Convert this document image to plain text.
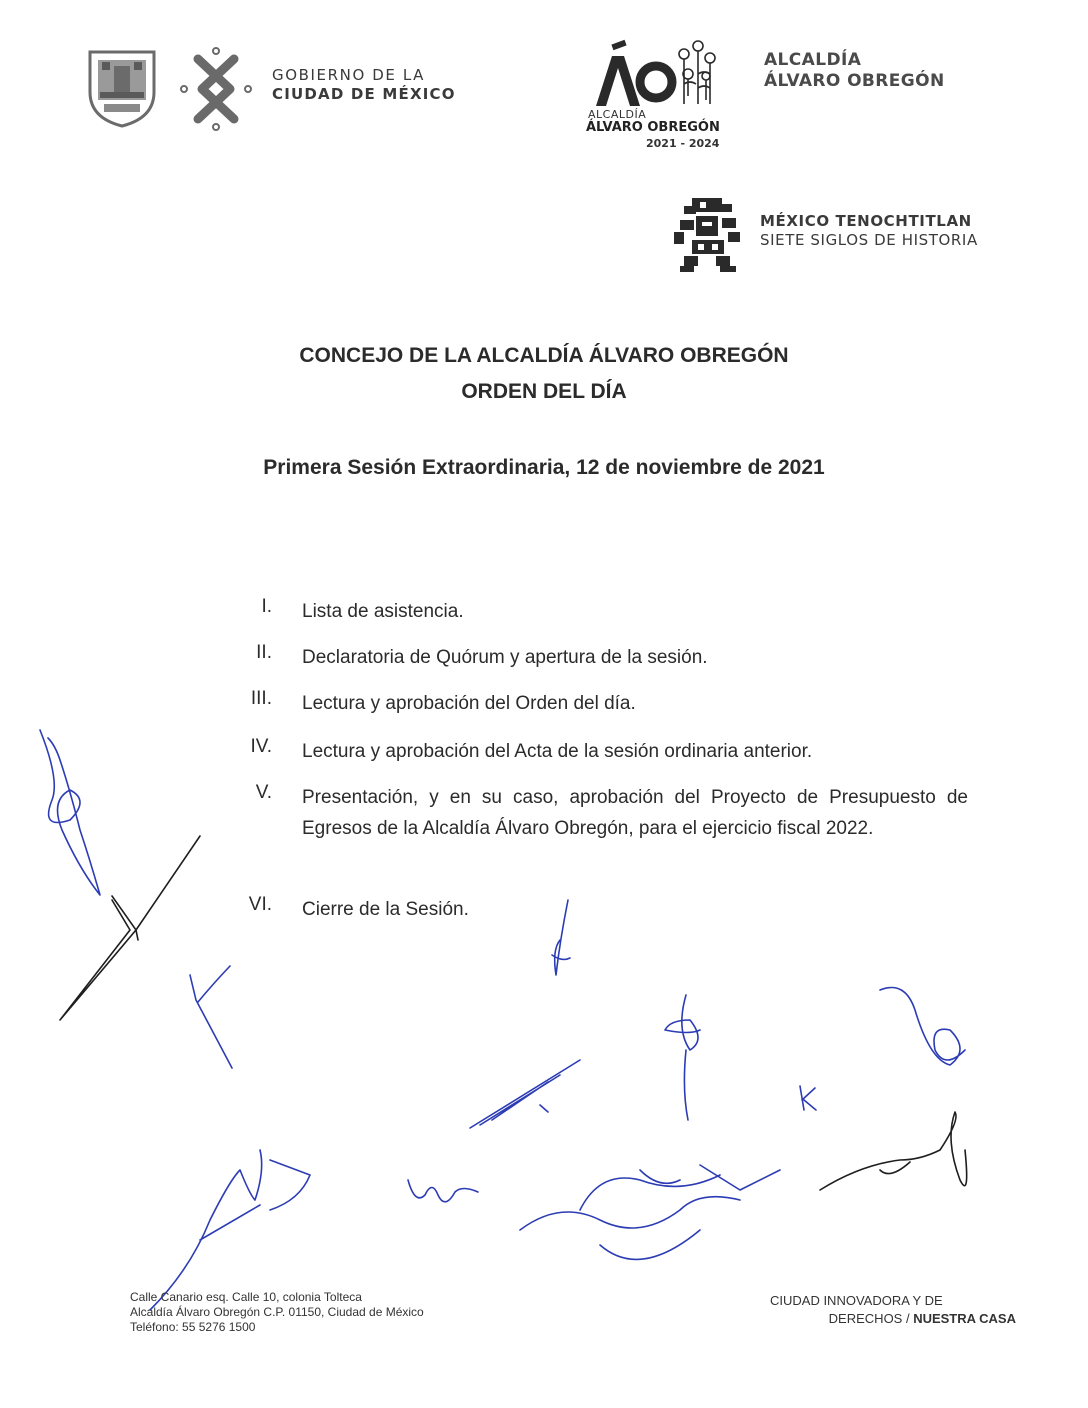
GOBIERNO DE LA
CIUDAD DE MÉXICO
ALCALDÍA
ÁLVARO OBREGÓN
2021 - 2024
ALCALDÍA
ÁLVARO OBREGÓN
MÉXICO TENOCHTITLAN
SIETE SIGLOS DE HISTORIA
CONCEJO DE LA ALCALDÍA ÁLVARO OBREGÓN
ORDEN DEL DÍA
Primera Sesión Extraordinaria, 12 de noviembre de 2021
I. Lista de asistencia.
II. Declaratoria de Quórum y apertura de la sesión.
III. Lectura y aprobación del Orden del día.
IV. Lectura y aprobación del Acta de la sesión ordinaria anterior.
V. Presentación, y en su caso, aprobación del Proyecto de Presupuesto de Egresos de la Alcaldía Álvaro Obregón, para el ejercicio fiscal 2022.
VI. Cierre de la Sesión.
Calle Canario esq. Calle 10, colonia Tolteca
Alcaldía Álvaro Obregón C.P. 01150, Ciudad de México
Teléfono: 55 5276 1500
CIUDAD INNOVADORA Y DE
DERECHOS / NUESTRA CASA
